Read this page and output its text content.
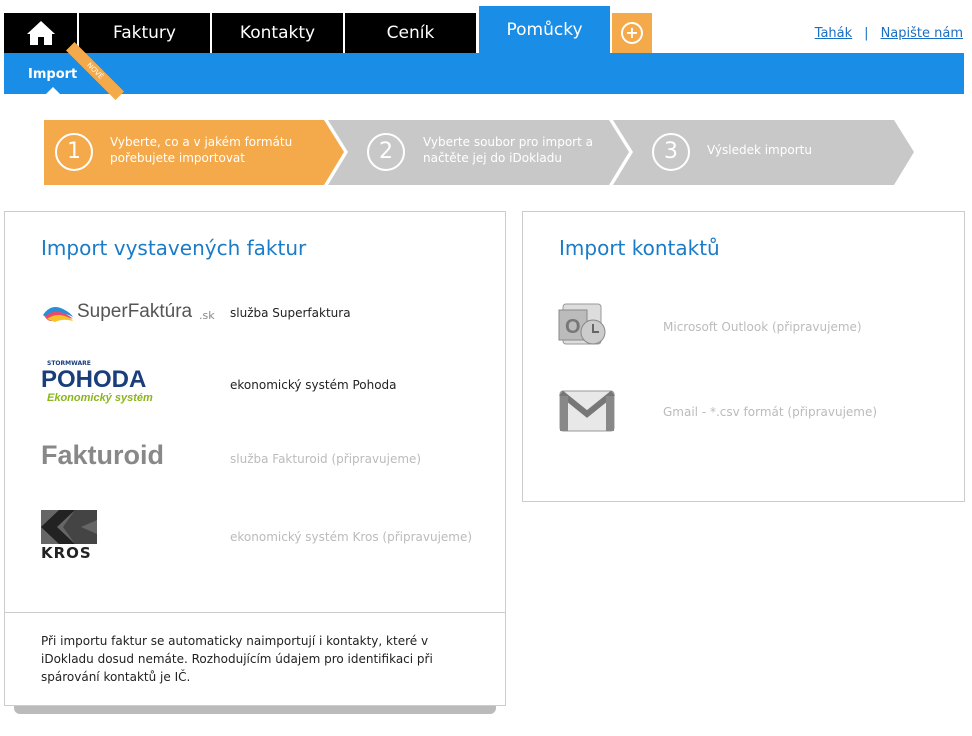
Faktury	Kontakty	Ceník	Pomůcky	+	Tahák | Napište nám
Import	NOVÉ
1	Vyberte, co a v jakém formátu
pořebujete importovat	2	Vyberte soubor pro import a
načtěte jej do iDokladu	3	Výsledek importu
Import vystavených faktur
SuperFaktúra .sk služba Superfaktura
STORMWARE
POHODA
Ekonomický systém
ekonomický systém Pohoda
Fakturoid	služba Fakturoid (připravujeme)
KROS
ekonomický systém Kros (připravujeme)
Při importu faktur se automaticky naimportují i kontakty, které v iDokladu dosud nemáte. Rozhodujícím údajem pro identifikaci při spárování kontaktů je IČ.
Import kontaktů
O	Microsoft Outlook (připravujeme)
Gmail - *.csv formát (připravujeme)
